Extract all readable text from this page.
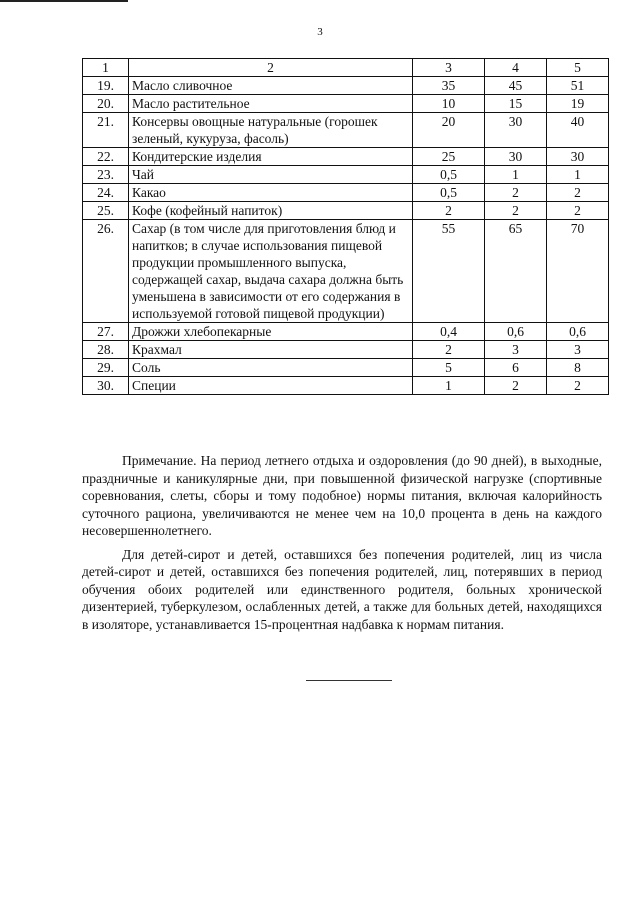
3
1	2	3	4	5
19.	Масло сливочное	35	45	51
20.	Масло растительное	10	15	19
21.	Консервы овощные натуральные (горошек зеленый, кукуруза, фасоль)	20	30	40
22.	Кондитерские изделия	25	30	30
23.	Чай	0,5	1	1
24.	Какао	0,5	2	2
25.	Кофе (кофейный напиток)	2	2	2
26.	Сахар (в том числе для приготовления блюд и напитков; в случае использования пищевой продукции промышленного выпуска, содержащей сахар, выдача сахара должна быть уменьшена в зависимости от его содержания в используемой готовой пищевой продукции)	55	65	70
27.	Дрожжи хлебопекарные	0,4	0,6	0,6
28.	Крахмал	2	3	3
29.	Соль	5	6	8
30.	Специи	1	2	2

Примечание. На период летнего отдыха и оздоровления (до 90 дней), в выходные, праздничные и каникулярные дни, при повышенной физической нагрузке (спортивные соревнования, слеты, сборы и тому подобное) нормы питания, включая калорийность суточного рациона, увеличиваются не менее чем на 10,0 процента в день на каждого несовершеннолетнего.

Для детей-сирот и детей, оставшихся без попечения родителей, лиц из числа детей-сирот и детей, оставшихся без попечения родителей, лиц, потерявших в период обучения обоих родителей или единственного родителя, больных хронической дизентерией, туберкулезом, ослабленных детей, а также для больных детей, находящихся в изоляторе, устанавливается 15-процентная надбавка к нормам питания.
